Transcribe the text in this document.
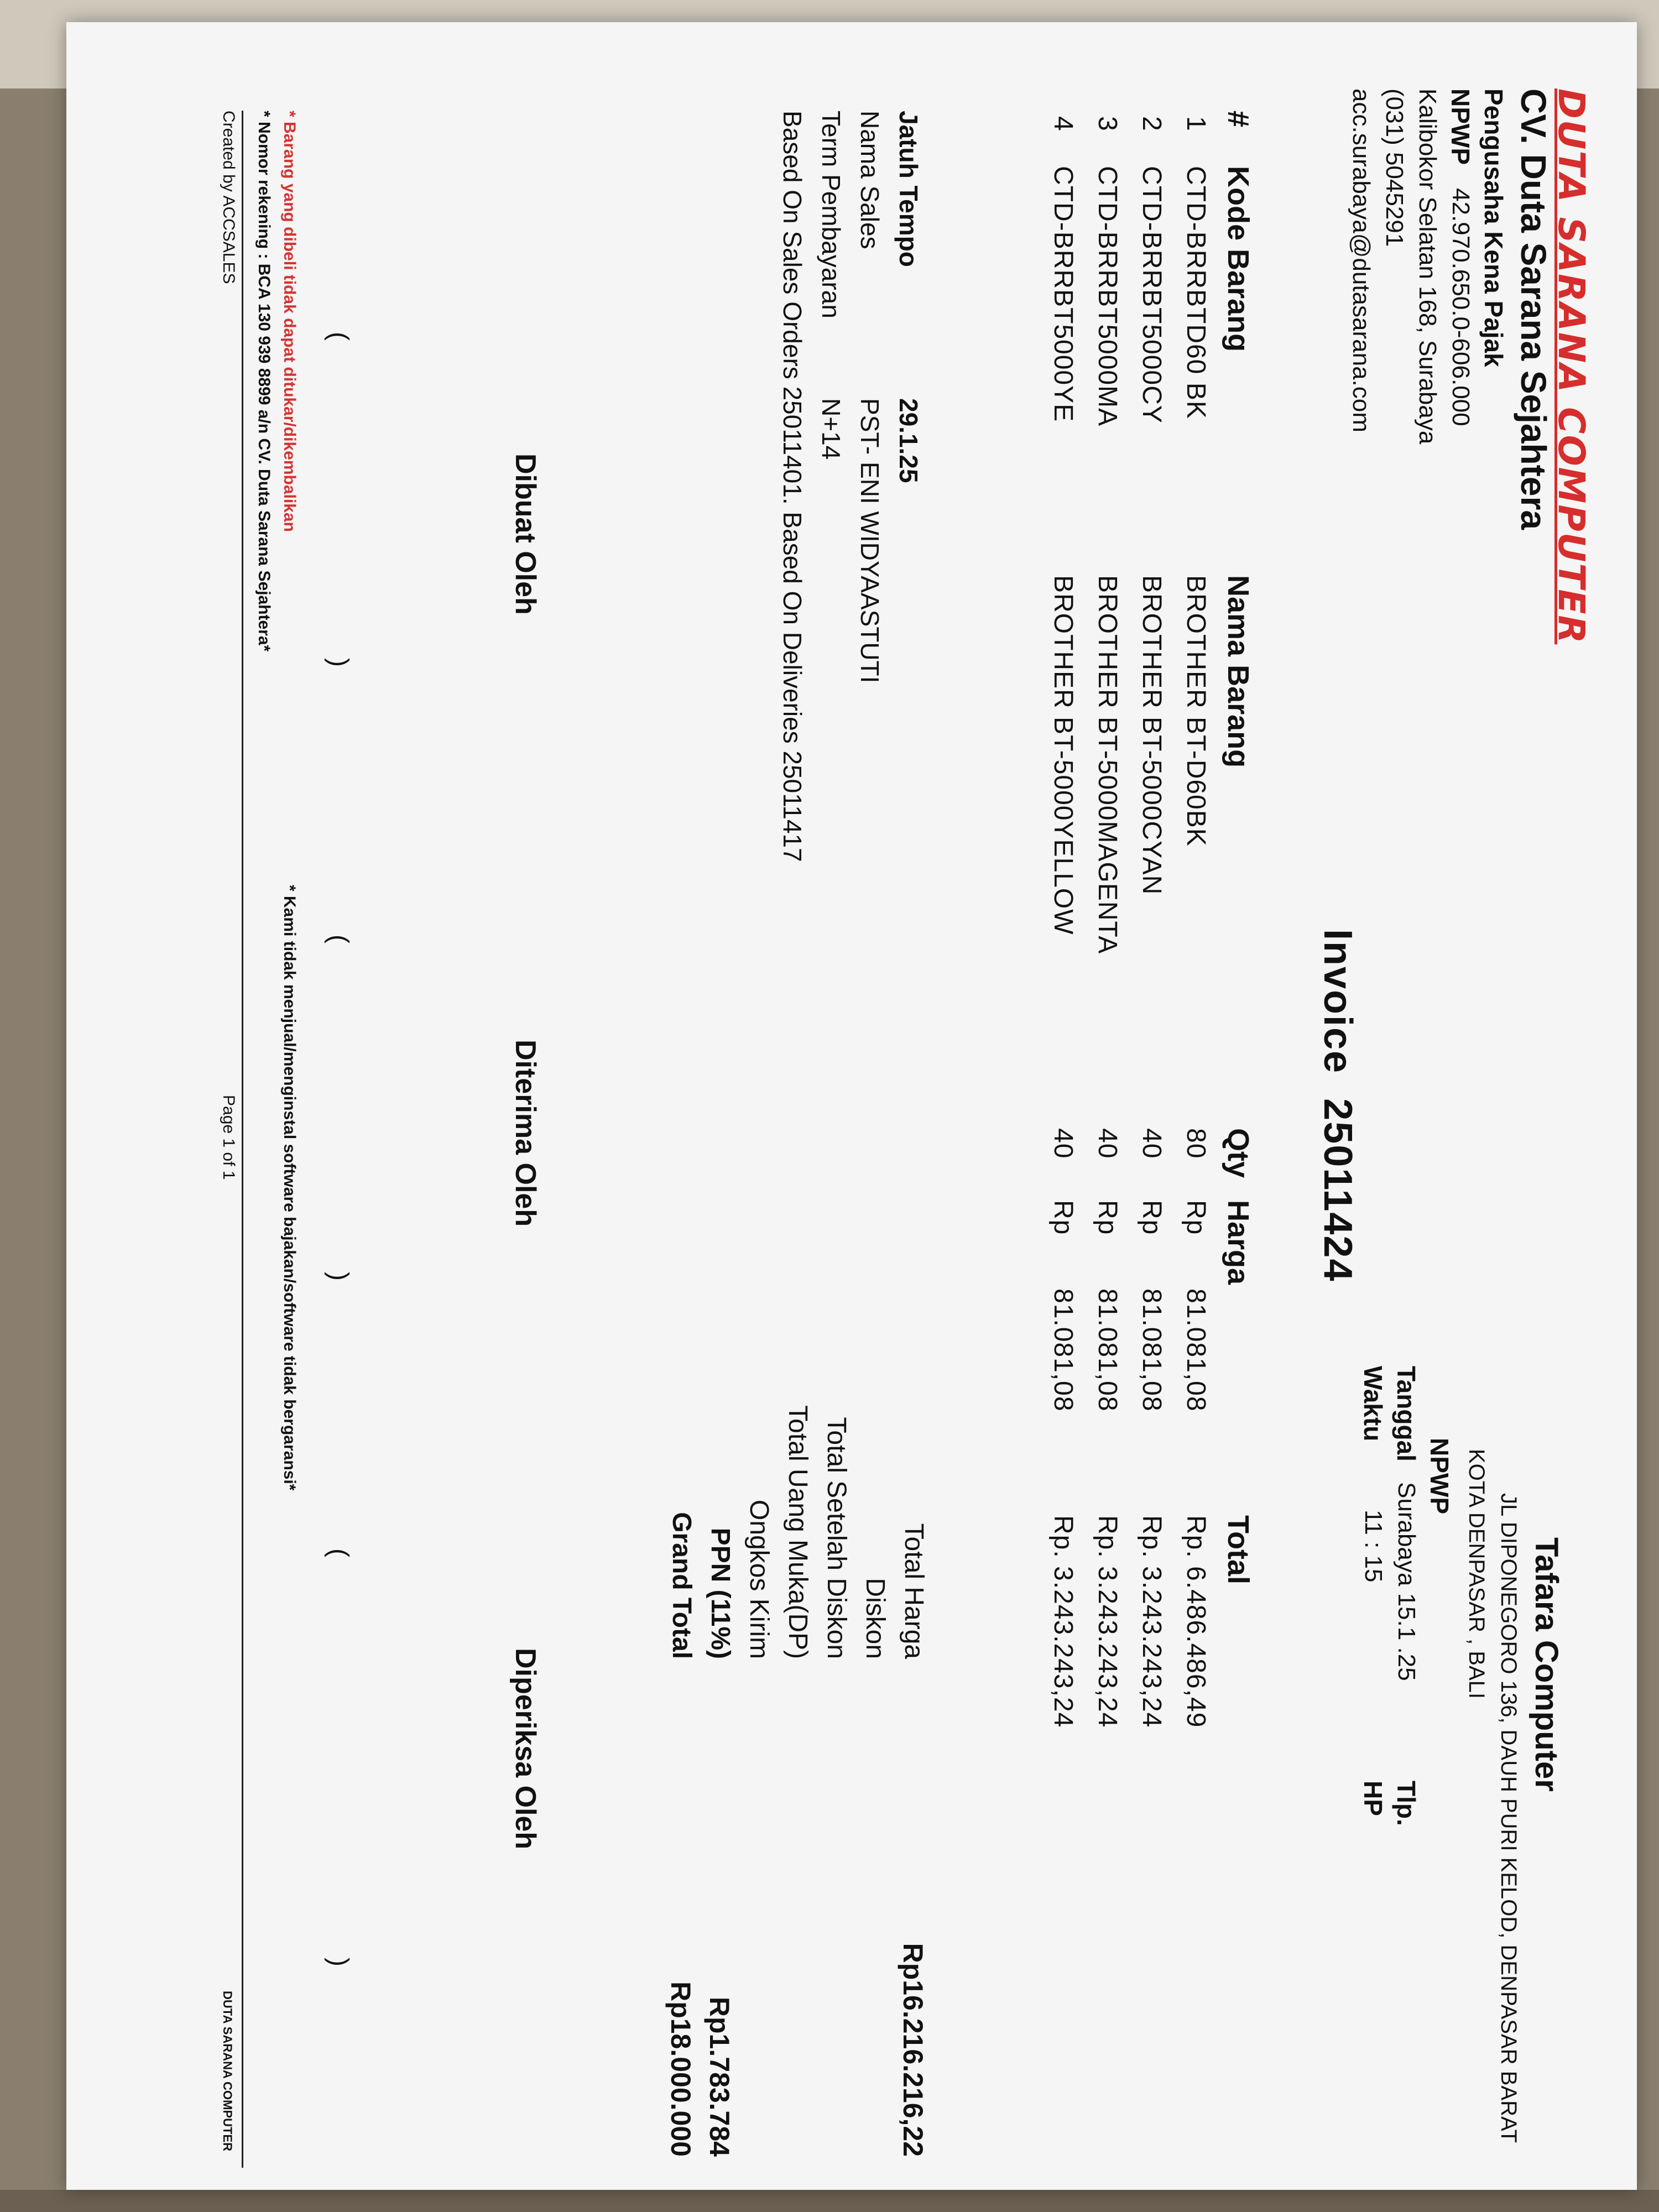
DUTA SARANA COMPUTER
CV. Duta Sarana Sejahtera
Pengusaha Kena Pajak
NPWP
42.970.650.0-606.000
Kalibokor Selatan 168, Surabaya
(031) 5045291
acc.surabaya@dutasarana.com
Invoice  25011424
Tafara Computer
JL DIPONEGORO 136, DAUH PURI KELOD, DENPASAR BARAT
KOTA DENPASAR , BALI
NPWP
Tanggal
Surabaya 15.1 .25
Tlp.
Waktu
11 : 15
HP
#
Kode Barang
Nama Barang
Qty
Harga
Total
1
CTD-BRRBTD60 BK
BROTHER BT-D60BK
80
Rp
81.081,08
Rp. 6.486.486,49
2
CTD-BRRBT5000CY
BROTHER BT-5000CYAN
40
Rp
81.081,08
Rp. 3.243.243,24
3
CTD-BRRBT5000MA
BROTHER BT-5000MAGENTA
40
Rp
81.081,08
Rp. 3.243.243,24
4
CTD-BRRBT5000YE
BROTHER BT-5000YELLOW
40
Rp
81.081,08
Rp. 3.243.243,24
Jatuh Tempo
29.1.25
Nama Sales
PST- ENI WIDYAASTUTI
Term Pembayaran
N+14
Based On Sales Orders 25011401. Based On Deliveries 25011417
Total Harga
Rp16.216.216,22
Diskon
Total Setelah Diskon
Total Uang Muka(DP)
Ongkos Kirim
PPN (11%)
Rp1.783.784
Grand Total
Rp18.000.000
Dibuat Oleh
Diterima Oleh
Diperiksa Oleh
(
)
(
)
(
)
* Barang yang dibeli tidak dapat ditukar/dikembalikan
* Kami tidak menjual/menginstal software bajakan/software tidak bergaransi*
* Nomor rekening : BCA 130 939 8899 a/n CV. Duta Sarana Sejahtera*
Created by ACCSALES
Page 1 of 1
DUTA SARANA COMPUTER
